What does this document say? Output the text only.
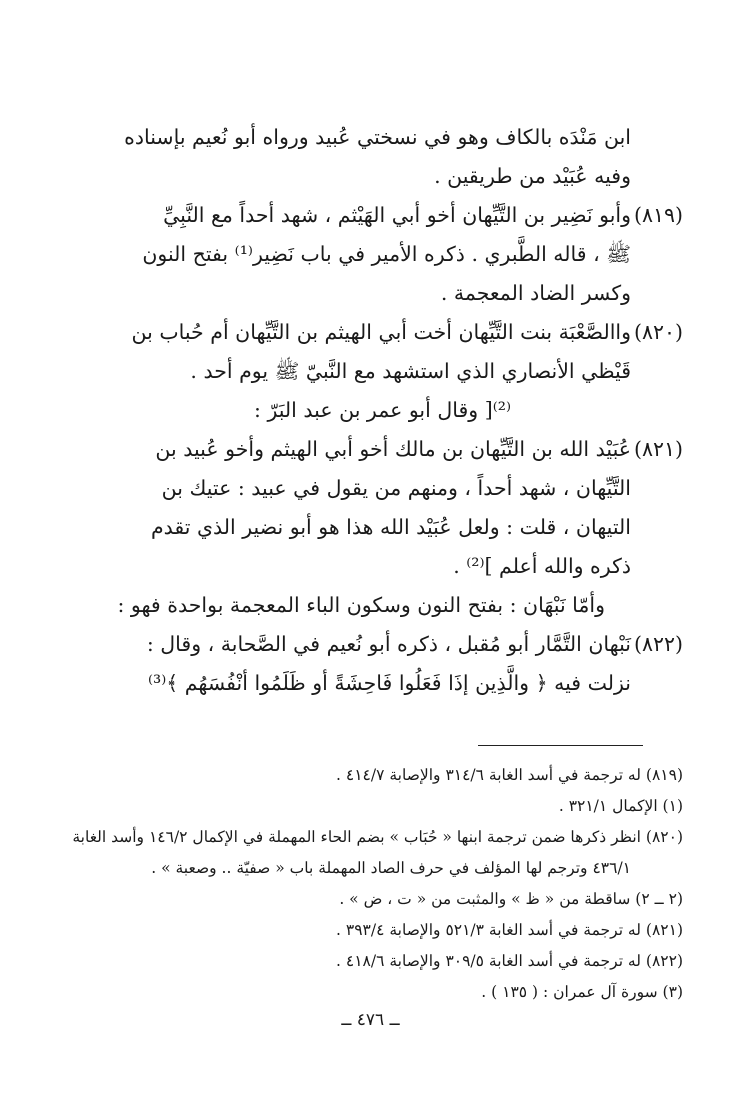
ابن مَنْدَه بالكاف وهو في نسختي عُبيد ورواه أبو نُعيم بإسناده
وفيه عُبَيْد من طريقين .
(٨١٩)
وأبو نَضِير بن التَّيِّهان أخو أبي الهَيْثم ، شهد أحداً مع النَّبِيِّ
ﷺ ، قاله الطَّبري . ذكره الأمير في باب نَضِير⁽¹⁾ بفتح النون
وكسر الضاد المعجمة .
(٨٢٠)
واالصَّعْبَة بنت التَّيِّهان أخت أبي الهيثم بن التَّيِّهان أم حُباب بن
قَيْظي الأنصاري الذي استشهد مع النَّبيّ ﷺ يوم أحد .
⁽²⁾[ وقال أبو عمر بن عبد البَرّ :
(٨٢١)
عُبَيْد الله بن التَّيِّهان بن مالك أخو أبي الهيثم وأخو عُبيد بن
التَّيِّهان ، شهد أحداً ، ومنهم من يقول في عبيد : عتيك بن
التيهان ، قلت : ولعل عُبَيْد الله هذا هو أبو نضير الذي تقدم
ذكره والله أعلم ]⁽²⁾ .
وأمّا نَبْهَان : بفتح النون وسكون الباء المعجمة بواحدة فهو :
(٨٢٢)
نَبْهان التَّمَّار أبو مُقبل ، ذكره أبو نُعيم في الصَّحابة ، وقال :
نزلت فيه ﴿ والَّذِين إذَا فَعَلُوا فَاحِشَةً أو ظَلَمُوا أنْفُسَهُم ﴾⁽³⁾
(٨١٩) له ترجمة في أسد الغابة ٣١٤/٦ والإصابة ٤١٤/٧ .
(١) الإكمال ٣٢١/١ .
(٨٢٠) انظر ذكرها ضمن ترجمة ابنها « حُبَاب » بضم الحاء المهملة في الإكمال ١٤٦/٢ وأسد الغابة
٤٣٦/١ وترجم لها المؤلف في حرف الصاد المهملة باب « صفيّة .. وصعبة » .
(٢ ــ ٢) ساقطة من « ظ » والمثبت من « ت ، ض » .
(٨٢١) له ترجمة في أسد الغابة ٥٢١/٣ والإصابة ٣٩٣/٤ .
(٨٢٢) له ترجمة في أسد الغابة ٣٠٩/٥ والإصابة ٤١٨/٦ .
(٣) سورة آل عمران : ( ١٣٥ ) .
ــ ٤٧٦ ــ
